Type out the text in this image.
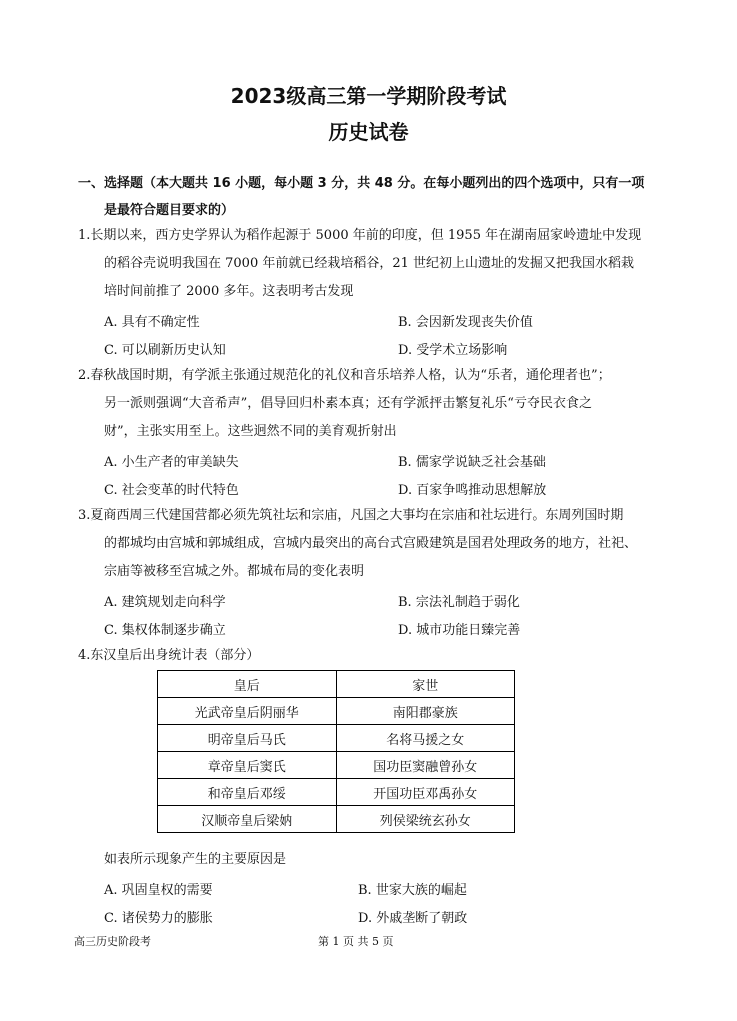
2023级高三第一学期阶段考试
历史试卷
一、选择题（本大题共 16 小题，每小题 3 分，共 48 分。在每小题列出的四个选项中，只有一项
是最符合题目要求的）
1.长期以来，西方史学界认为稻作起源于 5000 年前的印度，但 1955 年在湖南屈家岭遗址中发现
的稻谷壳说明我国在 7000 年前就已经栽培稻谷，21 世纪初上山遗址的发掘又把我国水稻栽
培时间前推了 2000 多年。这表明考古发现
A. 具有不确定性	B. 会因新发现丧失价值
C. 可以刷新历史认知	D. 受学术立场影响
2.春秋战国时期，有学派主张通过规范化的礼仪和音乐培养人格，认为“乐者，通伦理者也”；
另一派则强调“大音希声”，倡导回归朴素本真；还有学派抨击繁复礼乐“亏夺民衣食之
财”，主张实用至上。这些迥然不同的美育观折射出
A. 小生产者的审美缺失	B. 儒家学说缺乏社会基础
C. 社会变革的时代特色	D. 百家争鸣推动思想解放
3.夏商西周三代建国营都必须先筑社坛和宗庙，凡国之大事均在宗庙和社坛进行。东周列国时期
的都城均由宫城和郭城组成，宫城内最突出的高台式宫殿建筑是国君处理政务的地方，社祀、
宗庙等被移至宫城之外。都城布局的变化表明
A. 建筑规划走向科学	B. 宗法礼制趋于弱化
C. 集权体制逐步确立	D. 城市功能日臻完善
4.东汉皇后出身统计表（部分）
皇后	家世
光武帝皇后阴丽华	南阳郡豪族
明帝皇后马氏	名将马援之女
章帝皇后窦氏	国功臣窦融曾孙女
和帝皇后邓绥	开国功臣邓禹孙女
汉顺帝皇后梁妠	列侯梁统玄孙女
如表所示现象产生的主要原因是
A. 巩固皇权的需要	B. 世家大族的崛起
C. 诸侯势力的膨胀	D. 外戚垄断了朝政
高三历史阶段考	第 1 页 共 5 页
